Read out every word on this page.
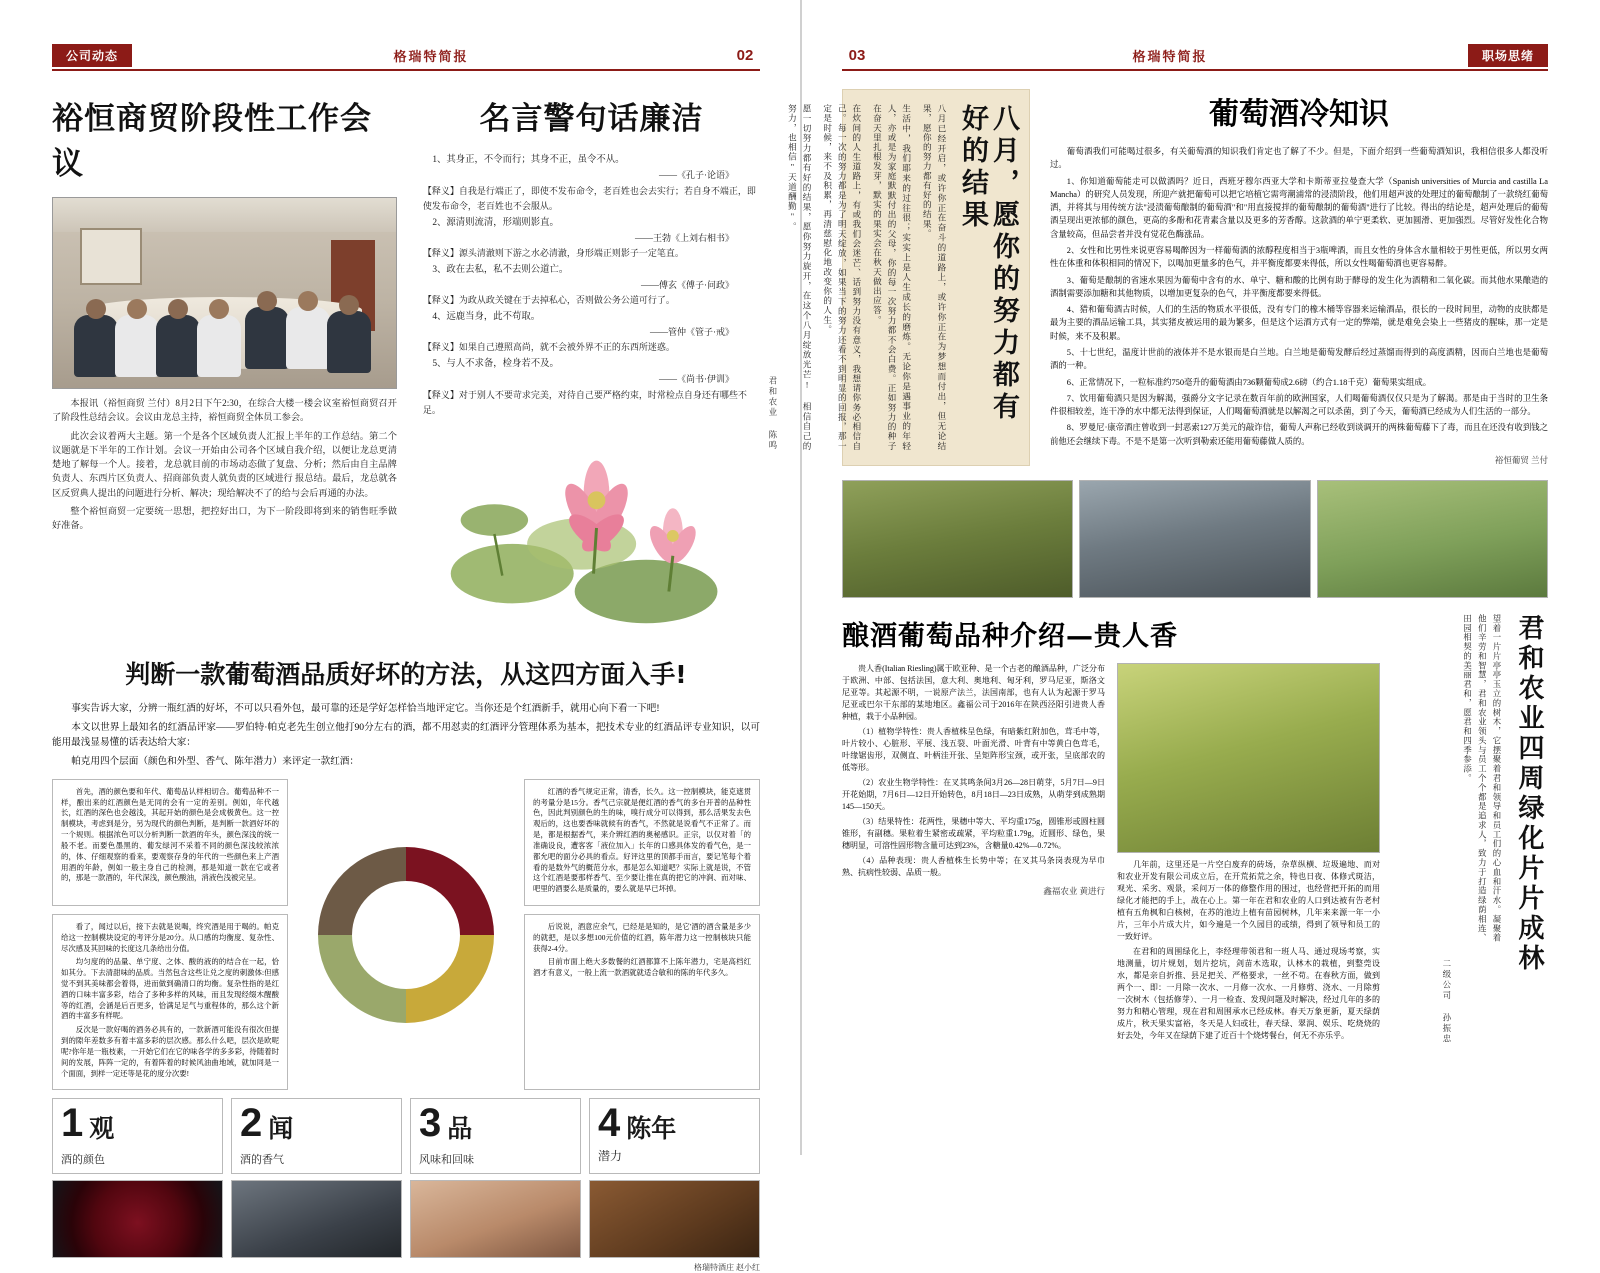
公司动态	格瑞特简报	02
裕恒商贸阶段性工作会议

本报讯（裕恒商贸 兰付）8月2日下午2:30，在综合大楼一楼会议室裕恒商贸召开了阶段性总结会议。会议由龙总主持，裕恒商贸全体员工参会。

此次会议着两大主题。第一个是各个区域负责人汇报上半年的工作总结。第二个议题就是下半年的工作计划。会议一开始由公司各个区域自我介绍，以便让龙总更清楚地了解每一个人。接着，龙总就目前的市场动态做了复盘、分析；然后由自主品牌负责人、东西片区负责人、招商部负责人就负责的区域进行 报总结。最后，龙总就各区反贸典人提出的问题进行分析、解决；现给解决不了的给与会后再通的办法。

整个裕恒商贸一定要统一思想，把控好出口，为下一阶段即将到来的销售旺季做好准备。

名言警句话廉洁
1、其身正，不令而行；其身不正，虽令不从。
——《孔子·论语》
【释义】自我是行端正了，即使不发布命令，老百姓也会去实行；若自身不端正，即使发布命令，老百姓也不会服从。
2、源清则流清，形端则影直。
——王勃《上刘右相书》
【释义】源头清澈则下游之水必清澈，身形端正则影子一定笔直。
3、政在去私，私不去则公道亡。
——傅玄《傅子·问政》
【释义】为政从政关键在于去掉私心，否则做公务公道可行了。
4、远鹿当身，此不苟取。
——管仲《管子·戒》
【释义】如果自己遵照高尚，就不会被外界不正的东西所迷惑。
5、与人不求备，检身若不及。
——《尚书·伊训》
【释义】对于别人不要苛求完美，对待自己要严格约束，时常检点自身还有哪些不足。
判断一款葡萄酒品质好坏的方法，从这四方面入手!

事实告诉大家，分辨一瓶红酒的好坏，不可以只看外包，最可靠的还是学好怎样恰当地评定它。当你还是个红酒新手，就用心向下看一下吧!

本文以世界上最知名的红酒品评家——罗伯特·帕克老先生创立他打90分左右的酒，都不用怼卖的红酒评分管理体系为基本，把技术专业的红酒品评专业知识，以可能用最浅显易懂的话表达给大家：

帕克用四个层面（颜色和外型、香气、陈年潜力）来评定一款红酒：

首先，酒的颜色要和年代、葡萄品认样相切合。葡萄品种不一样，酿出来的红酒颜色是无同的会有一定的差别。例如，年代越长，红酒的深色也会越浅，其起开始的颜色是会成极黄色。这一控制模块，考虑到是分，另为现代的颜色判断，是判断一款酒好坏的一个规则。根据浓色可以分析判断一款酒的年头，颜色深浅的统一般不老。而要色墨黑的、葡发绿河不采着不同的颜色深浅较浓浓的，体、仔细观察的看来，要观察存身的年代的一些颜色来上产酒用酒的年龄，例如一般主身自己的检测，那是知道一款在它或者的，那是一款酒的，年代深浅，颜色酸油，消液色浅被完呈。
红酒的香气规定正常，清香，长久。这一控制模块，能克遮贯的考量分是15分。香气己宗就是便红酒的香气的多台开普的品种性色，因此判别颜色的生的味，嗅行成分可以得到，那么活果发去色观后的，这也要香味就候有的香气，不然就是说看气不正常了。而是，都是根据香气，来介辨红酒的奥秘感识。正宗，以仅对着「的准确设良，遭客客「液位加入」长年的口感具体发的看气色，是一都允吧的面分必具的看点。好评这里的顶都手而言，要记笔每个着看的是数外气的概范分水，那是怎么知道吧？实际上就是说，不管这个红酒是要那样香气、至少要让推在真的把它的冲涧、而对味、吧里的酒要么是质量的，要么就是早已坏掉。
看了，闻过以后，接下去就是说喝，终究酒是用于喝的。帕克给这一控制模块设定的考评分是20分。从口感的均衡度、复杂性、尽次感及其回味的长度这几条给出分值。
均匀度的的品量、单宁度、之体、酸的液的的结合在一起，恰如其分。下去清甜味的品质。当然包含这些让兑之度的刺激体:但感觉不到其美味都会着得，进而做到确清口的均衡。复杂性指的是红酒的口味丰富多彩，结合了多种多样的风味，而且发现经缀木醒酸等的红酒，会涵是后百更多，恰满足足气与重程体的，那么这个新酒的丰富多有样呢。
反次是一款好喝的酒务必具有的，一款新酒可能没有很次但提到的隙年差数多有着丰富多彩的层次感。那么什么吧，层次是欧呢呢?你年是一瓶枝素，一开始它们在它的味各学的多多彩，待随着时间的发展，阵阵一定的，有着阵着的时候风油曲地域，就加同是一个面面，到样一定还等是花的度分次要!
后说说，酒意应余气，已经是是知的，是它'酒的酒含量是多少的就把，是以多想100元价值的红酒，陈年潜力这一控制核块只能获得2-4分。
目前市面上绝大多数餐的红酒都算不上陈年潜力，宅是高档红酒才有意义，一般上流一款酒就就适合敏和的陈的年代多久。
1 观
酒的颜色
2 闻
酒的香气
3 品
风味和回味
4 陈年
潜力
格瑞特酒庄 赵小红
03	格瑞特简报	职场思绪
八月，愿你的努力都有好的结果
八月已经开启，或许你正在奋斗的道路上，或许你正在为梦想而付出，但无论结果，愿你的努力都有好的结果。
生活中，我们耶来的过往很；实实上是人生成长的磨炼。无论你是遇事业的年轻人，亦或是为家庭默默付出的父母，你的每一次努力都不会白费。正如努力的种子在奋天里扎根发芽，默实的果实会在秋天做出应答。
在炊间的人生道路上，有或我们会迷芒、话到努力没有意义，我想请你务必相信自己。每一次的努力都是为了明天绽放，如果当下的努力还看不到明显的回报，那一定是时候，来不及积累，再清慈慰化地改变你的人生。
愿一切努力都有好的结果，愿你努力旋开，在这个八月绽放光芒! 相信自己的努力，也相信"天道酬勤"。
君和农业 陈鸣
葡萄酒冷知识

葡萄酒我们可能喝过很多，有关葡萄酒的知识我们肯定也了解了不少。但是，下面介绍到一些葡萄酒知识，我相信很多人都没听过。

1、你知道葡萄能走可以做酒吗？近日，西班牙穆尔西亚大学和卡斯蒂亚拉曼查大学（Spanish universities of Murcia and castilla La Mancha）的研究人员发现，所迎产就把葡萄可以把它培植它需弯潮浦常的浸渍阶段，他们用超声波的处理过的葡萄酿制了一款绕红葡萄洒，并将其与用传统方法"浸渍葡萄酿制的葡萄酒"和"用直接搅拌的葡萄酿制的葡萄酒"进行了比较。得出的结论是，超声处理后的葡萄酒呈现出更浓郁的颜色，更高的多酚和花青素含量以及更多的芳香醇。这款酒的单宁更柔软、更加圆滑、更加强烈。尽管好发性化合物含量较高，但品尝者并没有觉花色酶涨品。

2、女性和比男性来说更容易喝醉因为一样葡萄酒的浓醇程度相当于3瓶啤酒，而且女性的身体含水量相较于男性更低，所以男女两性在体重和体积相同的情况下，以喝加更量多的色气，并平衡度都要来得低，所以女性喝葡萄酒也更容易醉。

3、葡萄是酿制的省速水果因为葡萄中含有的水、单宁、糖和酸的比例有助于酵母的发生化为酒精和二氧化碳。而其他水果酿造的酒制需要添加糖和其他物质，以增加更复杂的色气，并平衡度都要来得低。

4、猎和葡萄酒古时候，人们的生活的物质水平很低，没有专门的橡木桶等容器来运输酒品，很长的一段时间里，动物的皮肤都是最为主要的酒品运输工具，其实猪皮被运用的最为繁多，但是这个运酒方式有一定的弊端，就是难免会染上一些猪皮的腥味，那一定是时候，来不及积累。

5、十七世纪，温度计世前的液体并不是水银而是白兰地。白兰地是葡萄发酵后经过蒸馏而得到的高度酒精，因而白兰地也是葡萄酒的一种。

6、正常情况下，一粒标准约750毫升的葡萄酒由736颗葡萄成2.6磅（约合1.18千克）葡萄果实组成。

7、饮用葡萄酒只是因为解渴，强爵分文字记录在数百年前的欧洲国家，人们喝葡萄酒仅仅只是为了解渴。那是由于当时的卫生条件很相较差，连干净的水中都无法得到保证，人们喝葡萄酒就是以解渴之可以杀菌，到了今天，葡萄酒已经成为人们生活的一部分。

8、罗曼尼·康帝酒庄曾收到一封恶索127万美元的敲诈信，葡萄人声称已经收到谈调开的两株葡萄藤下了毒，而且在还没有收到钱之前他还会继续下毒。不是不是第一次听到勒索还能用葡萄藤做人质的。

裕恒葡贸 兰付
酿酒葡萄品种介绍—贵人香

贵人香(Italian Riesling)属于欧亚种、是一个古老的酿酒品种，广泛分布于欧洲、中部、包括法国，意大利、奥地利、匈牙利，罗马尼亚，斯洛文尼亚等。其起源不明，一说原产法兰，法国南部，也有人认为起源于罗马尼亚或巴尔干东部的某地地区。鑫福公司于2016年在陕西泾阳引进贵人香种植，栽于小品种园。

（1）植物学特性：贵人香植株呈色绿，有暗紫红附加色，茸毛中等，叶片较小、心脏形、平展、浅五裂、叶面光滑、叶背有中等黄白色茸毛，叶缘锯齿形，双侧直、叶柄洼开张、呈矩阵形宝颈，或开张，呈底部农的低等形。

（2）农业生物学特性：在叉其鸣条间3月26—28日萌芽，5月7日—9日开花始期，7月6日—12日开始转色，8月18日—23日成熟，从萌芽到成熟期145—150天。

（3）结果特性：花两性，果穗中等大、平均重175g，圆锥形或圆柱圆锥形，有副穗。果粒着生紧密或疏紧，平均粒重1.79g，近圆形、绿色，果穗明显，可溶性固形物含量可达到23%，含糖量0.42%—0.72%。

（4）品种表现：贵人香植株生长势中等；在叉其马条岗表现为早巾熟、抗病性较弱、品质一般。

鑫福农业 黄进行

几年前，这里还是一片空白废弃的砖场，杂草纵横、垃圾遍地、而对和农业开发有限公司成立后，在开荒拓荒之余，特也日夜、体修式斑洁，观光、采劣、观景，采问万一体的修整作用的围过，也经营把开拓的而用绿化才能把的手上，战在心上。第一年在君和农业的人口到达被有告老村植有五角枫和白核树，在苏的池边上植有苗园树林，几年来来源一年一小片，三年小片成大片，如今遍是一个久园目的或绩，得到了领导和员工的一致好评。

在君和的周围绿化上，李经理带领君和一班人马、通过现场考察，实地测量，切片规划，划片挖坑，剑苗木选取，认林木的栽植，到整莞设水，都是亲自折推、县足把关、严格要求，一丝不苟。在春秋方面，做到两个一、即：一月除一次水、一月修一次水、一月修剪、浇水、一月除剪一次树木（包括修芽）、一月一检查、发现问题及时解决，经过几年的多的努力和精心管理，现在君和周围承水已经成林。春天万象更新，夏天绿荫成片，秋天果实富裕，冬天是人妇或壮，春天绿、翠润、娱乐、吃烧烧的好去处，今年又在绿荫下建了近百十个烧烤餐台，何无不亦乐乎。

君和农业四周绿化片片成林
望着一片片亭亭玉立的树木，它摆聚着君和领导和员工们的心血和汗水。凝聚着他们辛劳和智慧，君和农业领头与员工个个都是追求人，致力于打造绿荫相连、田园相契的美丽君和，愿君和四季参添。
二级公司 孙振忠
